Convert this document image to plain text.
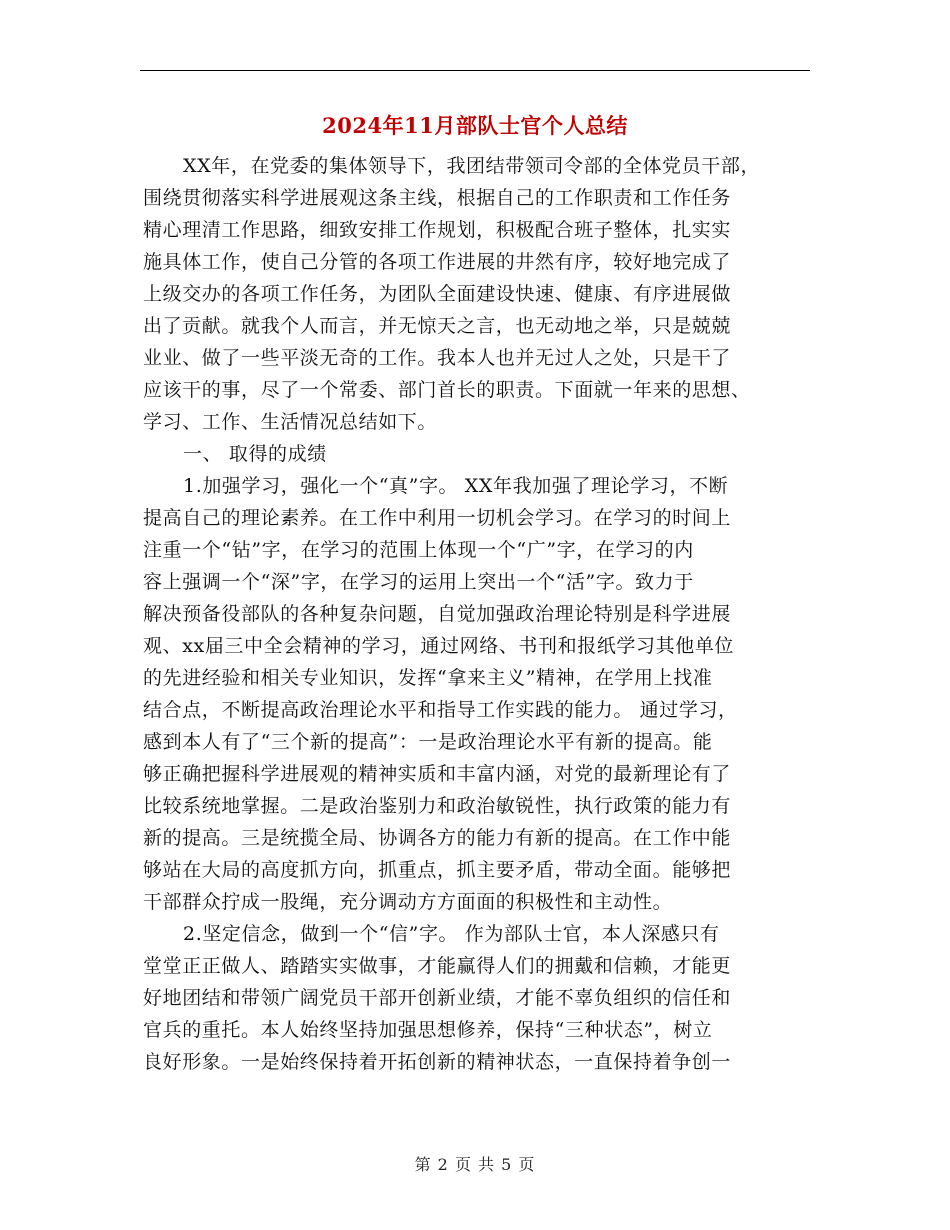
2024年11月部队士官个人总结
XX年，在党委的集体领导下，我团结带领司令部的全体党员干部，
围绕贯彻落实科学进展观这条主线，根据自己的工作职责和工作任务
精心理清工作思路，细致安排工作规划，积极配合班子整体，扎实实
施具体工作，使自己分管的各项工作进展的井然有序，较好地完成了
上级交办的各项工作任务，为团队全面建设快速、健康、有序进展做
出了贡献。就我个人而言，并无惊天之言，也无动地之举，只是兢兢
业业、做了一些平淡无奇的工作。我本人也并无过人之处，只是干了
应该干的事，尽了一个常委、部门首长的职责。下面就一年来的思想、
学习、工作、生活情况总结如下。
一、 取得的成绩
1.加强学习，强化一个“真”字。 XX年我加强了理论学习，不断
提高自己的理论素养。在工作中利用一切机会学习。在学习的时间上
注重一个“钻”字，在学习的范围上体现一个“广”字，在学习的内
容上强调一个“深”字，在学习的运用上突出一个“活”字。致力于
解决预备役部队的各种复杂问题，自觉加强政治理论特别是科学进展
观、xx届三中全会精神的学习，通过网络、书刊和报纸学习其他单位
的先进经验和相关专业知识，发挥“拿来主义”精神，在学用上找准
结合点，不断提高政治理论水平和指导工作实践的能力。 通过学习，
感到本人有了“三个新的提高”：一是政治理论水平有新的提高。能
够正确把握科学进展观的精神实质和丰富内涵，对党的最新理论有了
比较系统地掌握。二是政治鉴别力和政治敏锐性，执行政策的能力有
新的提高。三是统揽全局、协调各方的能力有新的提高。在工作中能
够站在大局的高度抓方向，抓重点，抓主要矛盾，带动全面。能够把
干部群众拧成一股绳，充分调动方方面面的积极性和主动性。
2.坚定信念，做到一个“信”字。 作为部队士官，本人深感只有
堂堂正正做人、踏踏实实做事，才能赢得人们的拥戴和信赖，才能更
好地团结和带领广阔党员干部开创新业绩，才能不辜负组织的信任和
官兵的重托。本人始终坚持加强思想修养，保持“三种状态”，树立
良好形象。一是始终保持着开拓创新的精神状态，一直保持着争创一
第 2 页 共 5 页
